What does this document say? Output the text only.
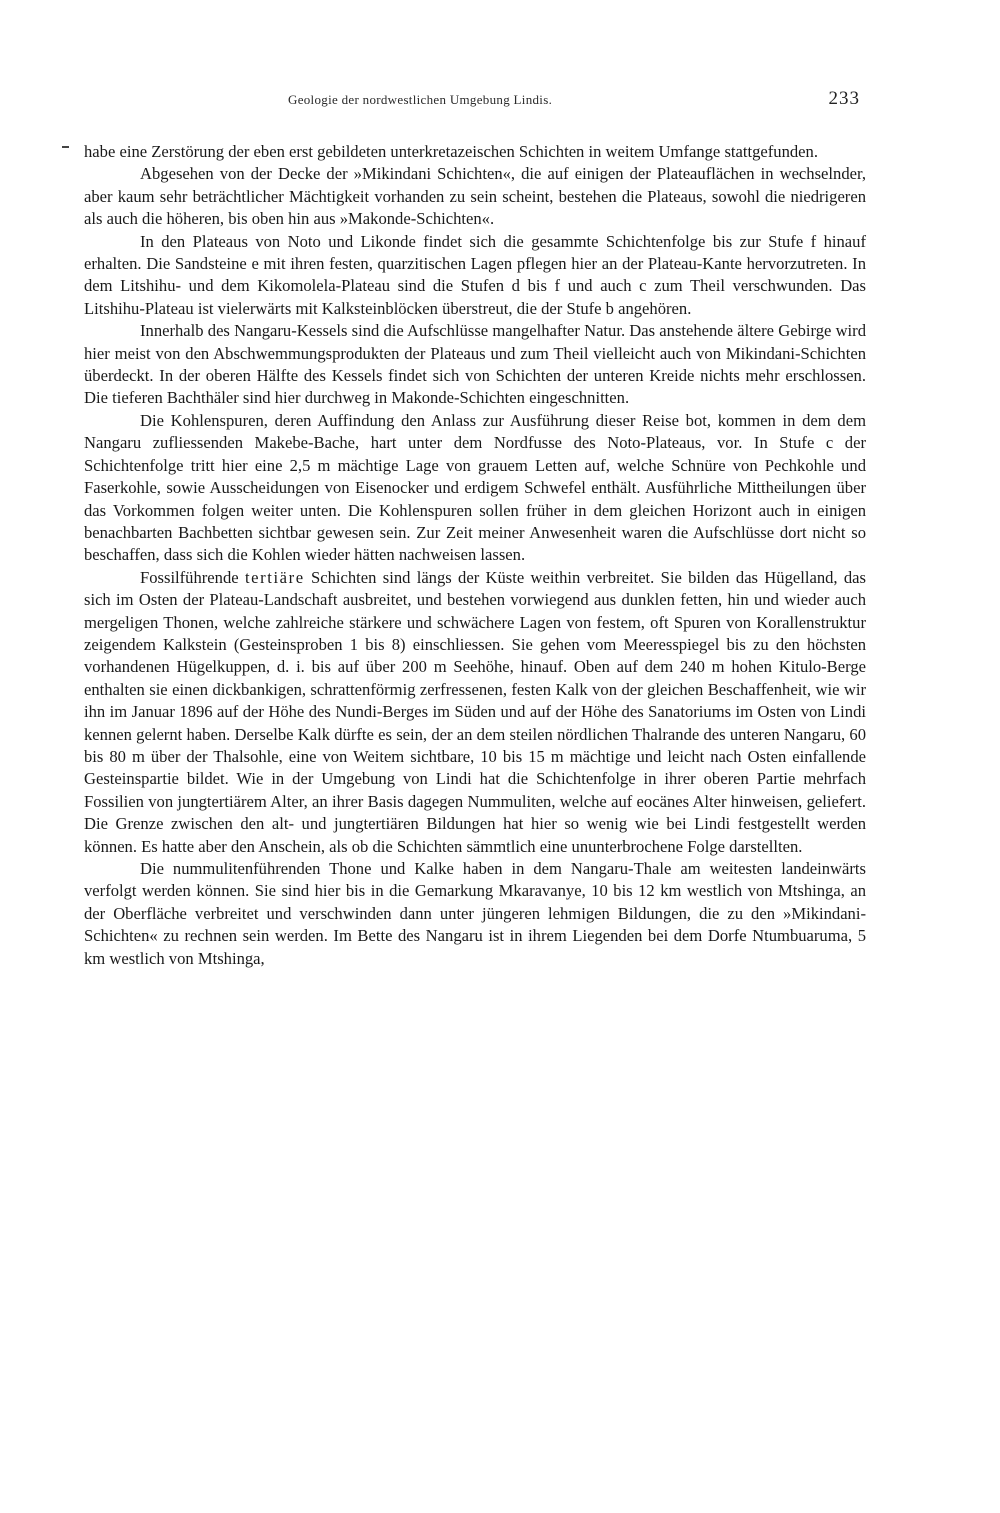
Geologie der nordwestlichen Umgebung Lindis.	233

habe eine Zerstörung der eben erst gebildeten unterkretazeischen Schichten in weitem Umfange stattgefunden.

Abgesehen von der Decke der »Mikindani Schichten«, die auf einigen der Plateauflächen in wechselnder, aber kaum sehr beträchtlicher Mächtigkeit vorhanden zu sein scheint, bestehen die Plateaus, sowohl die niedrigeren als auch die höheren, bis oben hin aus »Makonde-Schichten«.

In den Plateaus von Noto und Likonde findet sich die gesammte Schichtenfolge bis zur Stufe f hinauf erhalten. Die Sandsteine e mit ihren festen, quarzitischen Lagen pflegen hier an der Plateau-Kante hervorzutreten. In dem Litshihu- und dem Kikomolela-Plateau sind die Stufen d bis f und auch c zum Theil verschwunden. Das Litshihu-Plateau ist vielerwärts mit Kalksteinblöcken überstreut, die der Stufe b angehören.

Innerhalb des Nangaru-Kessels sind die Aufschlüsse mangelhafter Natur. Das anstehende ältere Gebirge wird hier meist von den Abschwemmungsprodukten der Plateaus und zum Theil vielleicht auch von Mikindani-Schichten überdeckt. In der oberen Hälfte des Kessels findet sich von Schichten der unteren Kreide nichts mehr erschlossen. Die tieferen Bachthäler sind hier durchweg in Makonde-Schichten eingeschnitten.

Die Kohlenspuren, deren Auffindung den Anlass zur Ausführung dieser Reise bot, kommen in dem dem Nangaru zufliessenden Makebe-Bache, hart unter dem Nordfusse des Noto-Plateaus, vor. In Stufe c der Schichtenfolge tritt hier eine 2,5 m mächtige Lage von grauem Letten auf, welche Schnüre von Pechkohle und Faserkohle, sowie Ausscheidungen von Eisenocker und erdigem Schwefel enthält. Ausführliche Mittheilungen über das Vorkommen folgen weiter unten. Die Kohlenspuren sollen früher in dem gleichen Horizont auch in einigen benachbarten Bachbetten sichtbar gewesen sein. Zur Zeit meiner Anwesenheit waren die Aufschlüsse dort nicht so beschaffen, dass sich die Kohlen wieder hätten nachweisen lassen.

Fossilführende tertiäre Schichten sind längs der Küste weithin verbreitet. Sie bilden das Hügelland, das sich im Osten der Plateau-Landschaft ausbreitet, und bestehen vorwiegend aus dunklen fetten, hin und wieder auch mergeligen Thonen, welche zahlreiche stärkere und schwächere Lagen von festem, oft Spuren von Korallenstruktur zeigendem Kalkstein (Gesteinsproben 1 bis 8) einschliessen. Sie gehen vom Meeresspiegel bis zu den höchsten vorhandenen Hügelkuppen, d. i. bis auf über 200 m Seehöhe, hinauf. Oben auf dem 240 m hohen Kitulo-Berge enthalten sie einen dickbankigen, schrattenförmig zerfressenen, festen Kalk von der gleichen Beschaffenheit, wie wir ihn im Januar 1896 auf der Höhe des Nundi-Berges im Süden und auf der Höhe des Sanatoriums im Osten von Lindi kennen gelernt haben. Derselbe Kalk dürfte es sein, der an dem steilen nördlichen Thalrande des unteren Nangaru, 60 bis 80 m über der Thalsohle, eine von Weitem sichtbare, 10 bis 15 m mächtige und leicht nach Osten einfallende Gesteinspartie bildet. Wie in der Umgebung von Lindi hat die Schichtenfolge in ihrer oberen Partie mehrfach Fossilien von jungtertiärem Alter, an ihrer Basis dagegen Nummuliten, welche auf eocänes Alter hinweisen, geliefert. Die Grenze zwischen den alt- und jungtertiären Bildungen hat hier so wenig wie bei Lindi festgestellt werden können. Es hatte aber den Anschein, als ob die Schichten sämmtlich eine ununterbrochene Folge darstellten.

Die nummulitenführenden Thone und Kalke haben in dem Nangaru-Thale am weitesten landeinwärts verfolgt werden können. Sie sind hier bis in die Gemarkung Mkaravanye, 10 bis 12 km westlich von Mtshinga, an der Oberfläche verbreitet und verschwinden dann unter jüngeren lehmigen Bildungen, die zu den »Mikindani-Schichten« zu rechnen sein werden. Im Bette des Nangaru ist in ihrem Liegenden bei dem Dorfe Ntumbuaruma, 5 km westlich von Mtshinga,
